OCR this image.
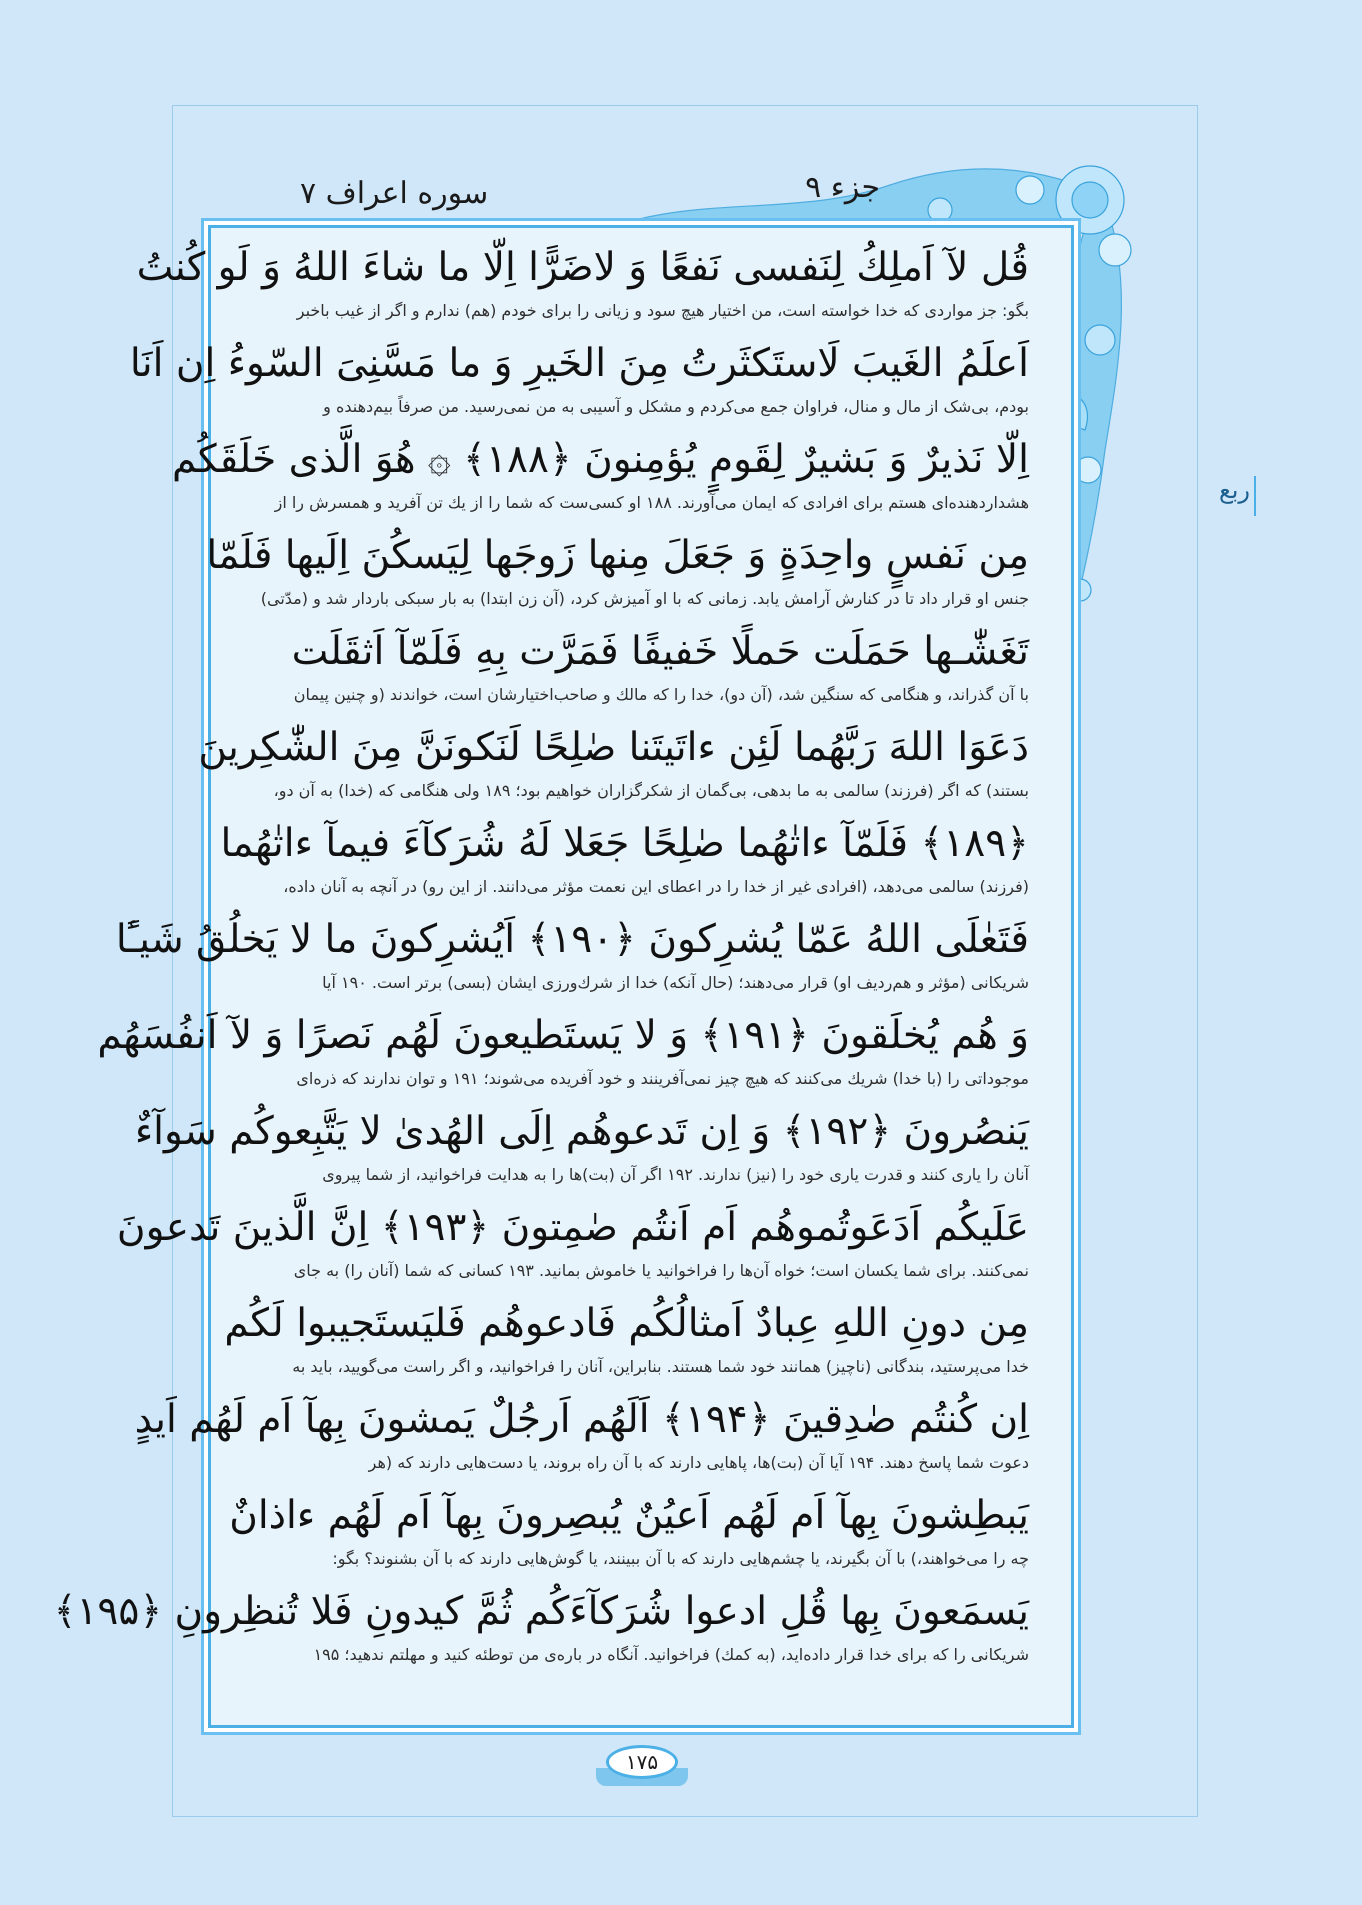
جزء ۹
سوره اعراف ۷
ربع
قُل لآ اَملِكُ لِنَفسی نَفعًا وَ لاضَرًّا اِلّا ما شاءَ اللهُ وَ لَو کُنتُ
بگو: جز مواردی که خدا خواسته است، من اختیار هیچ سود و زیانی را برای خودم (هم) ندارم و اگر از غیب باخبر
اَعلَمُ الغَیبَ لَاستَکثَرتُ مِنَ الخَیرِ وَ ما مَسَّنِیَ السّوءُ اِن اَنَا
بودم، بی‌شک از مال و منال، فراوان جمع می‌کردم و مشکل و آسیبی به من نمی‌رسید. من صرفاً بیم‌دهنده و
اِلّا نَذیرٌ وَ بَشیرٌ لِقَومٍ یُؤمِنونَ ﴿۱۸۸﴾ ۞ هُوَ الَّذی خَلَقَکُم
هشداردهنده‌ای هستم برای افرادی که ایمان می‌آورند. ۱۸۸ او کسی‌ست که شما را از یك تن آفرید و همسرش را از
مِن نَفسٍ واحِدَةٍ وَ جَعَلَ مِنها زَوجَها لِیَسکُنَ اِلَیها فَلَمّا
جنس او قرار داد تا در کنارش آرامش یابد. زمانی که با او آمیزش کرد، (آن زن ابتدا) به بار سبکی باردار شد و (مدّتی)
تَغَشّٰـها حَمَلَت حَملًا خَفیفًا فَمَرَّت بِهِ فَلَمّآ اَثقَلَت
با آن گذراند، و هنگامی که سنگین شد، (آن دو)، خدا را که مالك و صاحب‌اختیارشان است، خواندند (و چنین پیمان
دَعَوَا اللهَ رَبَّهُما لَئِن ءاتَیتَنا صٰلِحًا لَنَکونَنَّ مِنَ الشّٰکِرینَ
بستند) که اگر (فرزند) سالمی به ما بدهی، بی‌گمان از شکرگزاران خواهیم بود؛ ۱۸۹ ولی هنگامی که (خدا) به آن دو،
﴿۱۸۹﴾ فَلَمّآ ءاتٰهُما صٰلِحًا جَعَلا لَهُ شُرَکآءَ فیمآ ءاتٰهُما
(فرزند) سالمی می‌دهد، (افرادی غیر از خدا را در اعطای این نعمت مؤثر می‌دانند. از این رو) در آنچه به آنان داده،
فَتَعٰلَی اللهُ عَمّا یُشرِکونَ ﴿۱۹۰﴾ اَیُشرِکونَ ما لا یَخلُقُ شَیـًٔا
شریکانی (مؤثر و هم‌ردیف او) قرار می‌دهند؛ (حال آنکه) خدا از شرك‌ورزی ایشان (بسی) برتر است. ۱۹۰ آیا
وَ هُم یُخلَقونَ ﴿۱۹۱﴾ وَ لا یَستَطیعونَ لَهُم نَصرًا وَ لآ اَنفُسَهُم
موجوداتی را (با خدا) شریك می‌کنند که هیچ چیز نمی‌آفرینند و خود آفریده می‌شوند؛ ۱۹۱ و توان ندارند که ذره‌ای
یَنصُرونَ ﴿۱۹۲﴾ وَ اِن تَدعوهُم اِلَی الهُدیٰ لا یَتَّبِعوکُم سَوآءٌ
آنان را یاری کنند و قدرت یاری خود را (نیز) ندارند. ۱۹۲ اگر آن (بت)ها را به هدایت فراخوانید، از شما پیروی
عَلَیکُم اَدَعَوتُموهُم اَم اَنتُم صٰمِتونَ ﴿۱۹۳﴾ اِنَّ الَّذینَ تَدعونَ
نمی‌کنند. برای شما یکسان است؛ خواه آن‌ها را فراخوانید یا خاموش بمانید. ۱۹۳ کسانی که شما (آنان را) به جای
مِن دونِ اللهِ عِبادٌ اَمثالُکُم فَادعوهُم فَلیَستَجیبوا لَکُم
خدا می‌پرستید، بندگانی (ناچیز) همانند خود شما هستند. بنابراین، آنان را فراخوانید، و اگر راست می‌گویید، باید به
اِن کُنتُم صٰدِقینَ ﴿۱۹۴﴾ اَلَهُم اَرجُلٌ یَمشونَ بِهآ اَم لَهُم اَیدٍ
دعوت شما پاسخ دهند. ۱۹۴ آیا آن (بت)ها، پاهایی دارند که با آن راه بروند، یا دست‌هایی دارند که (هر
یَبطِشونَ بِهآ اَم لَهُم اَعیُنٌ یُبصِرونَ بِهآ اَم لَهُم ءاذانٌ
چه را می‌خواهند،) با آن بگیرند، یا چشم‌هایی دارند که با آن ببینند، یا گوش‌هایی دارند که با آن بشنوند؟ بگو:
یَسمَعونَ بِها قُلِ ادعوا شُرَکآءَکُم ثُمَّ کیدونِ فَلا تُنظِرونِ ﴿۱۹۵﴾
شریکانی را که برای خدا قرار داده‌اید، (به کمك) فراخوانید. آنگاه در باره‌ی من توطئه کنید و مهلتم ندهید؛ ۱۹۵
۱۷۵
